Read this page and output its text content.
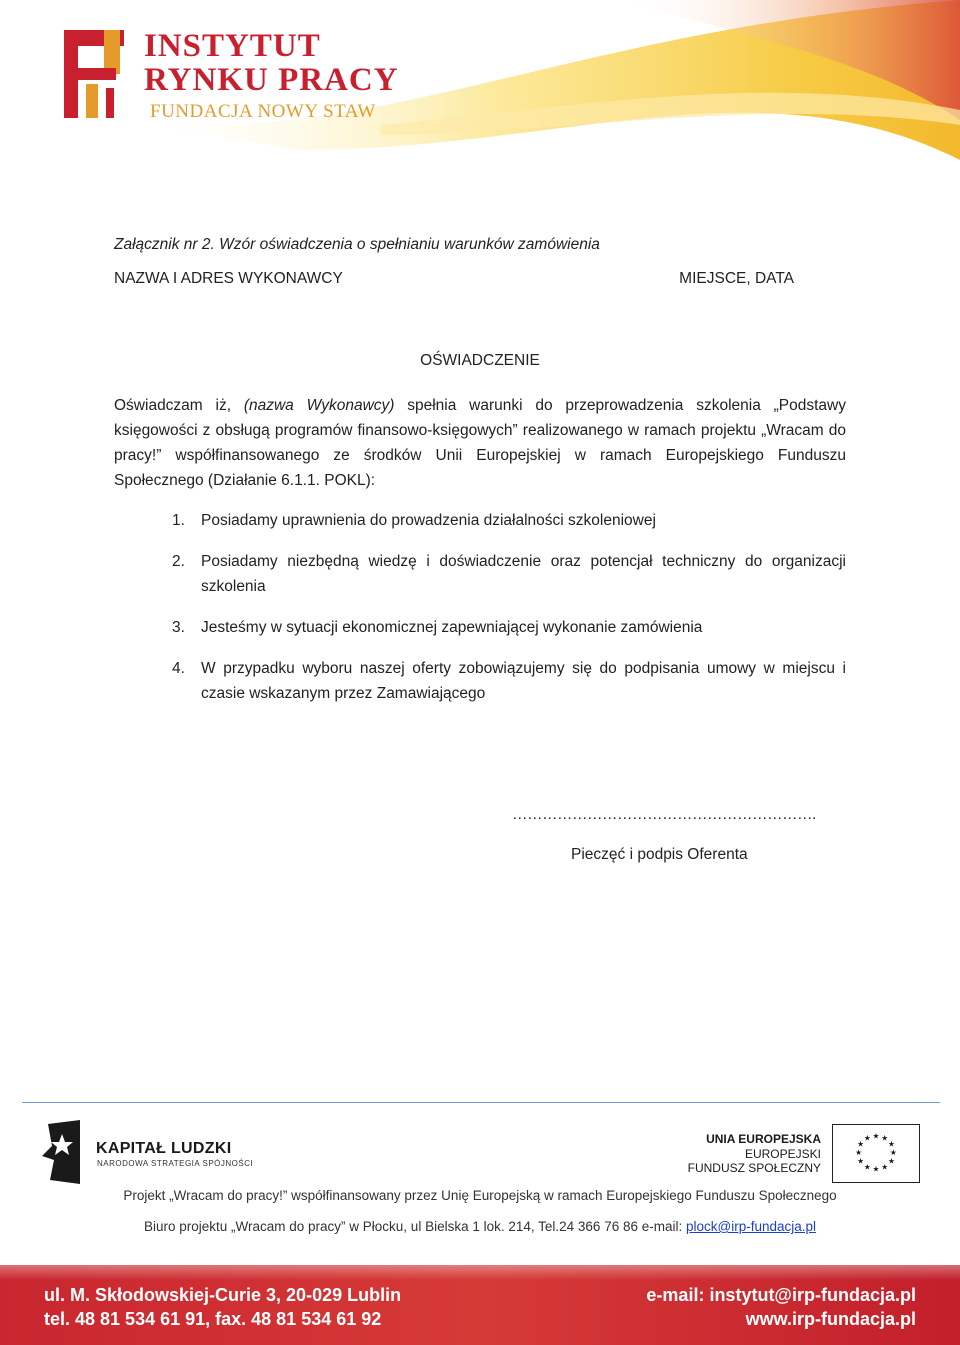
INSTYTUT
RYNKU PRACY
FUNDACJA NOWY STAW
Załącznik nr 2. Wzór oświadczenia o spełnianiu warunków zamówienia
NAZWA I ADRES WYKONAWCY	MIEJSCE, DATA
OŚWIADCZENIE
Oświadczam iż, (nazwa Wykonawcy) spełnia warunki do przeprowadzenia szkolenia „Podstawy księgowości z obsługą programów finansowo-księgowych” realizowanego w ramach projektu „Wracam do pracy!” współfinansowanego ze środków Unii Europejskiej w ramach Europejskiego Funduszu Społecznego (Działanie 6.1.1. POKL):
1.	Posiadamy uprawnienia do prowadzenia działalności szkoleniowej
2.	Posiadamy niezbędną wiedzę i doświadczenie oraz potencjał techniczny do organizacji szkolenia
3.	Jesteśmy w sytuacji ekonomicznej zapewniającej wykonanie zamówienia
4.	W przypadku wyboru naszej oferty zobowiązujemy się do podpisania umowy w miejscu i czasie wskazanym przez Zamawiającego
…………………………………………………….
Pieczęć i podpis Oferenta
KAPITAŁ LUDZKI
NARODOWA STRATEGIA SPÓJNOŚCI
UNIA EUROPEJSKA
EUROPEJSKI
FUNDUSZ SPOŁECZNY
★ ★
★
★
★
★
★
★
★
★
★
★
Projekt „Wracam do pracy!” współfinansowany przez Unię Europejską w ramach Europejskiego Funduszu Społecznego
Biuro projektu „Wracam do pracy” w Płocku, ul Bielska 1 lok. 214, Tel.24 366 76 86 e-mail: plock@irp-fundacja.pl
ul. M. Skłodowskiej-Curie 3, 20-029 Lublin
tel. 48 81 534 61 91, fax. 48 81 534 61 92
e-mail: instytut@irp-fundacja.pl
www.irp-fundacja.pl
